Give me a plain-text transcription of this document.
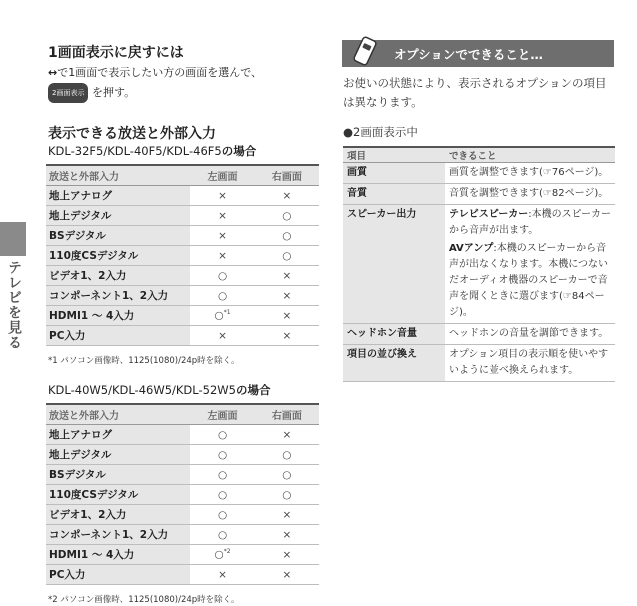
テレビを見る
1画面表示に戻すには
↔で1画面で表示したい方の画面を選んで、
2画面表示 を押す。
表示できる放送と外部入力
KDL-32F5/KDL-40F5/KDL-46F5の場合
放送と外部入力	左画面	右画面
地上アナログ	×	×
地上デジタル	×	○
BSデジタル	×	○
110度CSデジタル	×	○
ビデオ1、2入力	○	×
コンポーネント1、2入力	○	×
HDMI1 ～ 4入力	○$^{*1}$	×
PC入力	×	×
*1 パソコン画像時、1125(1080)/24p時を除く。
KDL-40W5/KDL-46W5/KDL-52W5の場合
放送と外部入力	左画面	右画面
地上アナログ	○	×
地上デジタル	○	○
BSデジタル	○	○
110度CSデジタル	○	○
ビデオ1、2入力	○	×
コンポーネント1、2入力	○	×
HDMI1 ～ 4入力	○$^{*2}$	×
PC入力	×	×
*2 パソコン画像時、1125(1080)/24p時を除く。
オプションでできること…
お使いの状態により、表示されるオプションの項目は異なります。
●2画面表示中
項目	できること
画質	画質を調整できます(☞76ページ)。
音質	音質を調整できます(☞82ページ)。
スピーカー出力	テレビスピーカー:本機のスピーカーから音声が出ます。
AVアンプ:本機のスピーカーから音声が出なくなります。本機につないだオーディオ機器のスピーカーで音声を聞くときに選びます(☞84ページ)。

ヘッドホン音量	ヘッドホンの音量を調節できます。
項目の並び換え	オプション項目の表示順を使いやすいように並べ換えられます。
